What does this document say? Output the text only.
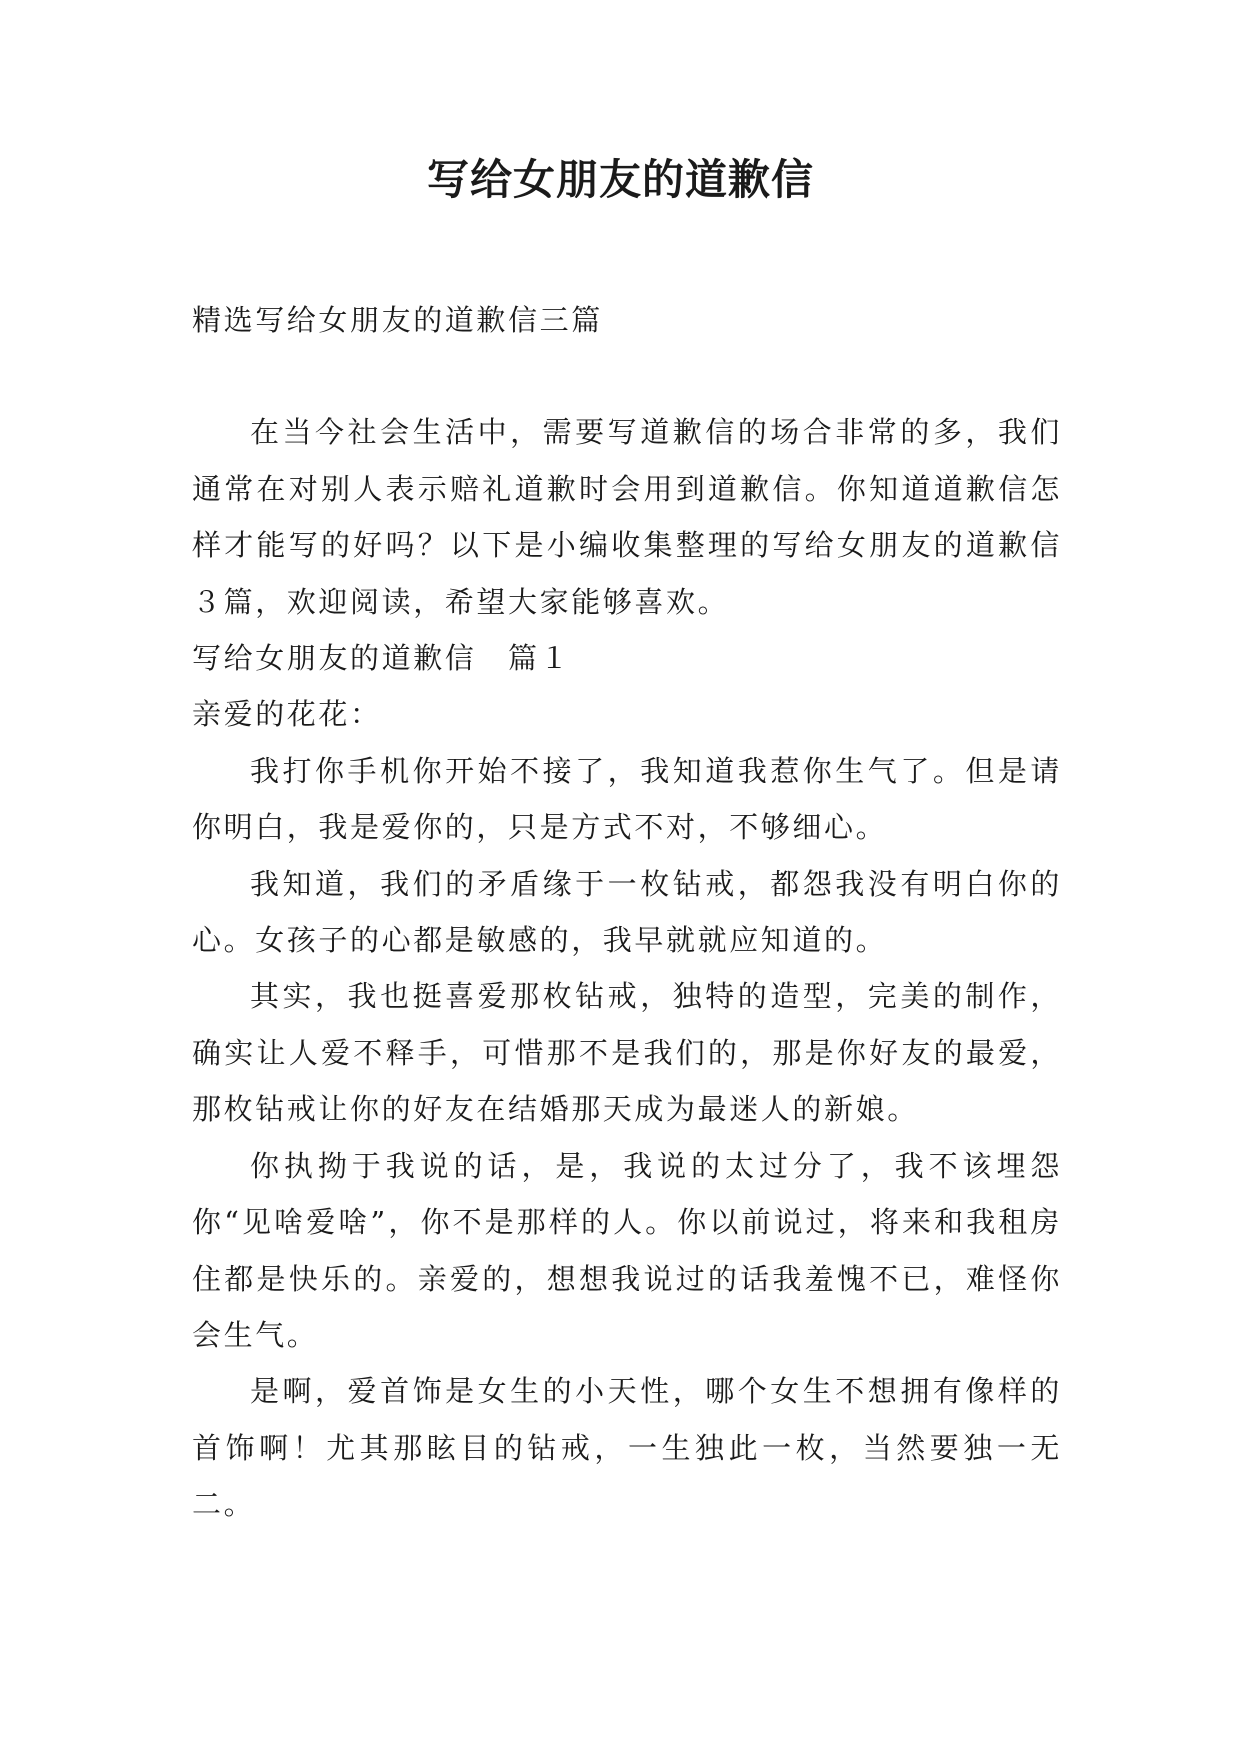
写给女朋友的道歉信

精选写给女朋友的道歉信三篇

在当今社会生活中，需要写道歉信的场合非常的多，我们通常在对别人表示赔礼道歉时会用到道歉信。你知道道歉信怎样才能写的好吗？以下是小编收集整理的写给女朋友的道歉信３篇，欢迎阅读，希望大家能够喜欢。

写给女朋友的道歉信　篇１

亲爱的花花：

我打你手机你开始不接了，我知道我惹你生气了。但是请你明白，我是爱你的，只是方式不对，不够细心。

我知道，我们的矛盾缘于一枚钻戒，都怨我没有明白你的心。女孩子的心都是敏感的，我早就就应知道的。

其实，我也挺喜爱那枚钻戒，独特的造型，完美的制作，确实让人爱不释手，可惜那不是我们的，那是你好友的最爱，那枚钻戒让你的好友在结婚那天成为最迷人的新娘。

你执拗于我说的话，是，我说的太过分了，我不该埋怨你“见啥爱啥”，你不是那样的人。你以前说过，将来和我租房住都是快乐的。亲爱的，想想我说过的话我羞愧不已，难怪你会生气。

是啊，爱首饰是女生的小天性，哪个女生不想拥有像样的首饰啊！尤其那眩目的钻戒，一生独此一枚，当然要独一无二。
